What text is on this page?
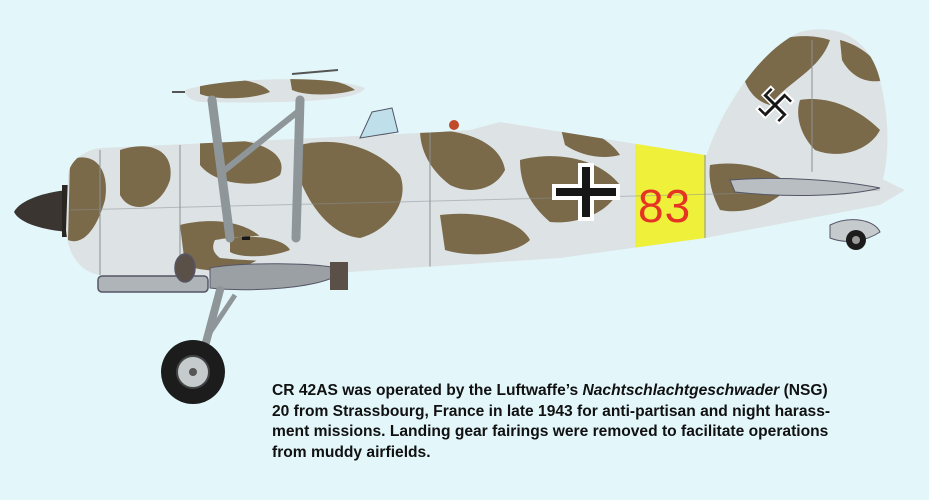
83

CR 42AS was operated by the Luftwaffe’s Nachtschlachtgeschwader (NSG)
20 from Strassbourg, France in late 1943 for anti-partisan and night harass-
ment missions. Landing gear fairings were removed to facilitate operations
from muddy airfields.
